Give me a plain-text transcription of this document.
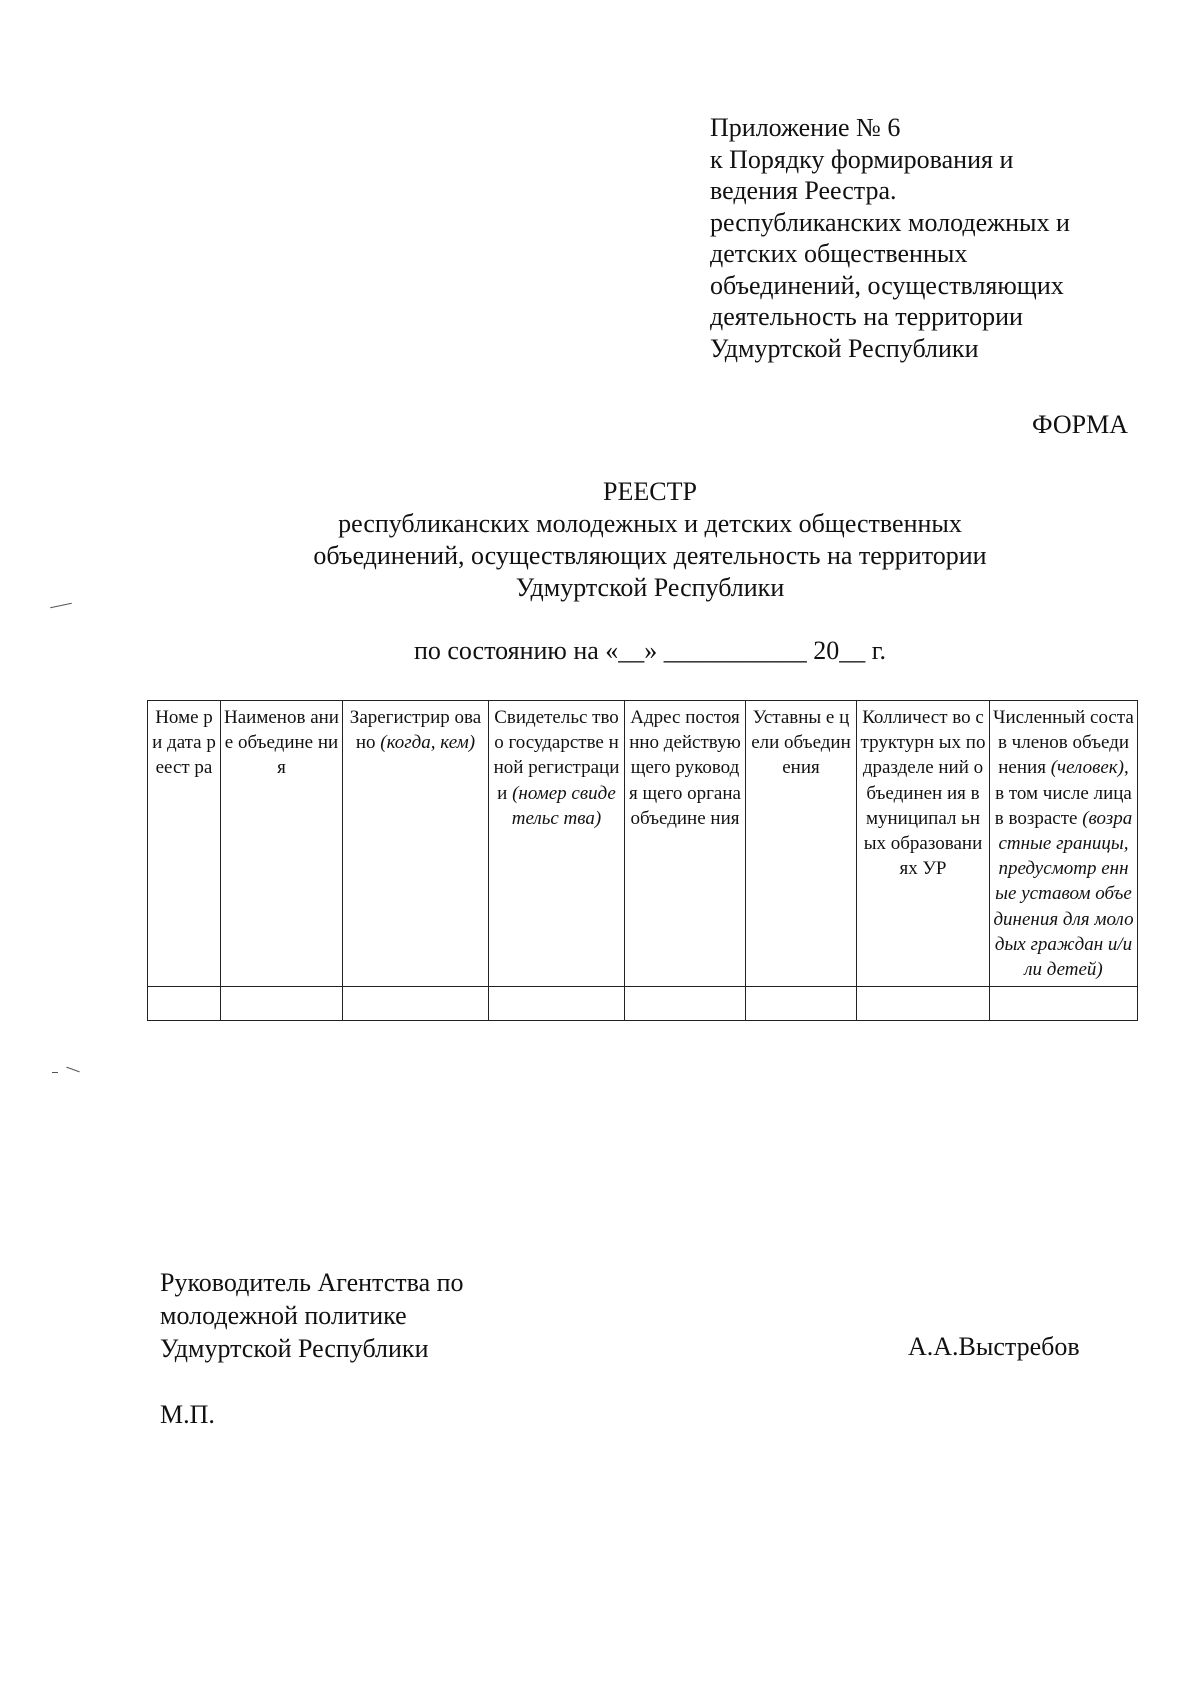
Приложение № 6
к Порядку формирования и
ведения Реестра.
республиканских молодежных и
детских общественных
объединений, осуществляющих
деятельность на территории
Удмуртской Республики
ФОРМА
РЕЕСТР
республиканских молодежных и детских общественных
объединений, осуществляющих деятельность на территории
Удмуртской Республики
по состоянию на «__» ___________ 20__ г.
Номе р и дата реест ра	Наименов ание объедине ния	Зарегистрир овано (когда, кем)	Свидетельс тво о государстве нной регистраци и (номер свидетельс тва)	Адрес постоянно действую щего руководя щего органа объедине ния	Уставны е цели объедин ения	Колличест во структурн ых подразделе ний объединен ия в муниципал ьных образовани ях УР	Численный состав членов объединения (человек), в том числе лица в возрасте (возрастные границы, предусмотр енные уставом объединения для молодых граждан и/или детей)

Руководитель Агентства по
молодежной политике
Удмуртской Республики	А.А.Выстребов
М.П.
